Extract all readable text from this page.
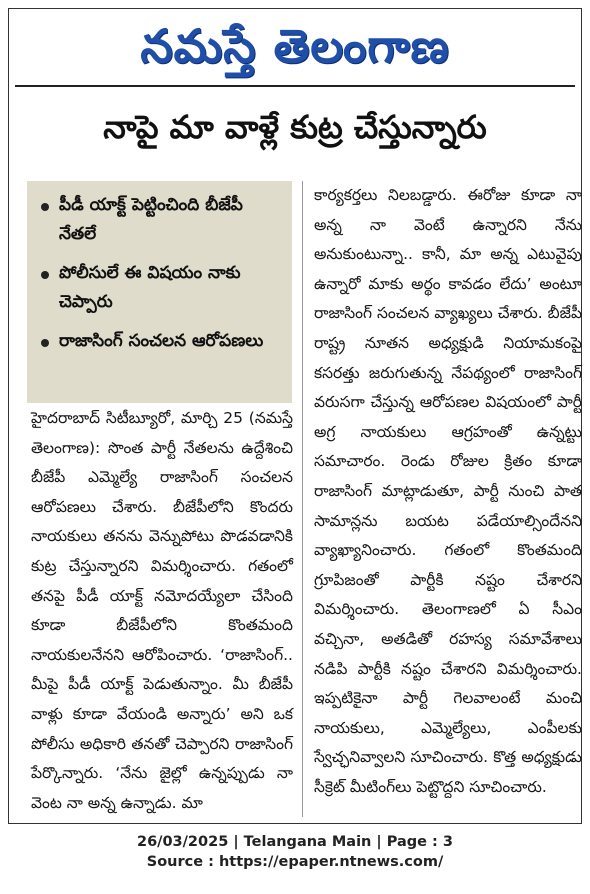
నమస్తే తెలంగాణ
నాపై మా వాళ్లే కుట్ర చేస్తున్నారు
పీడీ యాక్ట్ పెట్టించింది బీజేపీ నేతలే
పోలీసులే ఈ విషయం నాకు చెప్పారు
రాజాసింగ్ సంచలన ఆరోపణలు
హైదరాబాద్ సిటీబ్యూరో, మార్చి 25 (నమస్తే తెలంగాణ): సొంత పార్టీ నేతలను ఉద్దేశించి బీజేపీ ఎమ్మెల్యే రాజాసింగ్ సంచలన ఆరోపణలు చేశారు. బీజేపీలోని కొందరు నాయకులు తనను వెన్నుపోటు పొడవడానికి కుట్ర చేస్తున్నారని విమర్శించారు. గతంలో తనపై పీడీ యాక్ట్ నమోదయ్యేలా చేసింది కూడా బీజేపీలోని కొంతమంది నాయకులనేనని ఆరోపించారు. ‘రాజాసింగ్.. మీపై పీడీ యాక్ట్ పెడుతున్నాం. మీ బీజేపీ వాళ్లు కూడా వేయండి అన్నారు’ అని ఒక పోలీసు అధికారి తనతో చెప్పారని రాజాసింగ్ పేర్కొన్నారు. ‘నేను జైల్లో ఉన్నప్పుడు నా వెంట నా అన్న ఉన్నాడు. మా
కార్యకర్తలు నిలబడ్డారు. ఈరోజు కూడా నా అన్న నా వెంటే ఉన్నారని నేను అనుకుంటున్నా.. కానీ, మా అన్న ఎటువైపు ఉన్నారో మాకు అర్థం కావడం లేదు’ అంటూ రాజాసింగ్ సంచలన వ్యాఖ్యలు చేశారు. బీజేపీ రాష్ట్ర నూతన అధ్యక్షుడి నియామకంపై కసరత్తు జరుగుతున్న నేపథ్యంలో రాజాసింగ్ వరుసగా చేస్తున్న ఆరోపణల విషయంలో పార్టీ అగ్ర నాయకులు ఆగ్రహంతో ఉన్నట్టు సమాచారం. రెండు రోజుల క్రితం కూడా రాజాసింగ్ మాట్లాడుతూ, పార్టీ నుంచి పాత సామాన్లను బయట పడేయాల్సిందేనని వ్యాఖ్యానించారు. గతంలో కొంతమంది గ్రూపిజంతో పార్టీకి నష్టం చేశారని విమర్శించారు. తెలంగాణలో ఏ సీఎం వచ్చినా, అతడితో రహస్య సమావేశాలు నడిపి పార్టీకి నష్టం చేశారని విమర్శించారు. ఇప్పటికైనా పార్టీ గెలవాలంటే మంచి నాయకులు, ఎమ్మెల్యేలు, ఎంపీలకు స్వేచ్ఛనివ్వాలని సూచించారు. కొత్త అధ్యక్షుడు సీక్రెట్ మీటింగ్‌లు పెట్టొద్దని సూచించారు.
26/03/2025 | Telangana Main | Page : 3
Source : https://epaper.ntnews.com/
